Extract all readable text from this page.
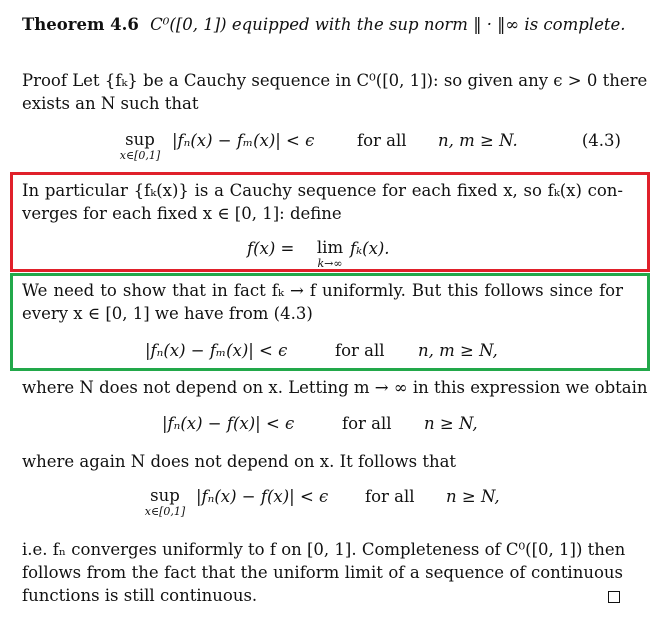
Theorem 4.6 C⁰([0, 1]) equipped with the sup norm ‖ · ‖∞ is complete.
Proof Let {fₖ} be a Cauchy sequence in C⁰([0, 1]): so given any ϵ > 0 there
exists an N such that
sup
x∈[0,1]
|fₙ(x) − fₘ(x)| < ϵ	for all n, m ≥ N.	(4.3)
In particular {fₖ(x)} is a Cauchy sequence for each fixed x, so fₖ(x) con-
verges for each fixed x ∈ [0, 1]: define
f(x) =	lim
k→∞
fₖ(x).
We need to show that in fact fₖ → f uniformly. But this follows since for
every x ∈ [0, 1] we have from (4.3)
|fₙ(x) − fₘ(x)| < ϵ	for all n, m ≥ N,
where N does not depend on x. Letting m → ∞ in this expression we obtain
|fₙ(x) − f(x)| < ϵ	for all n ≥ N,
where again N does not depend on x. It follows that
sup
x∈[0,1]
|fₙ(x) − f(x)| < ϵ for all n ≥ N,
i.e. fₙ converges uniformly to f on [0, 1]. Completeness of C⁰([0, 1]) then
follows from the fact that the uniform limit of a sequence of continuous
functions is still continuous.
